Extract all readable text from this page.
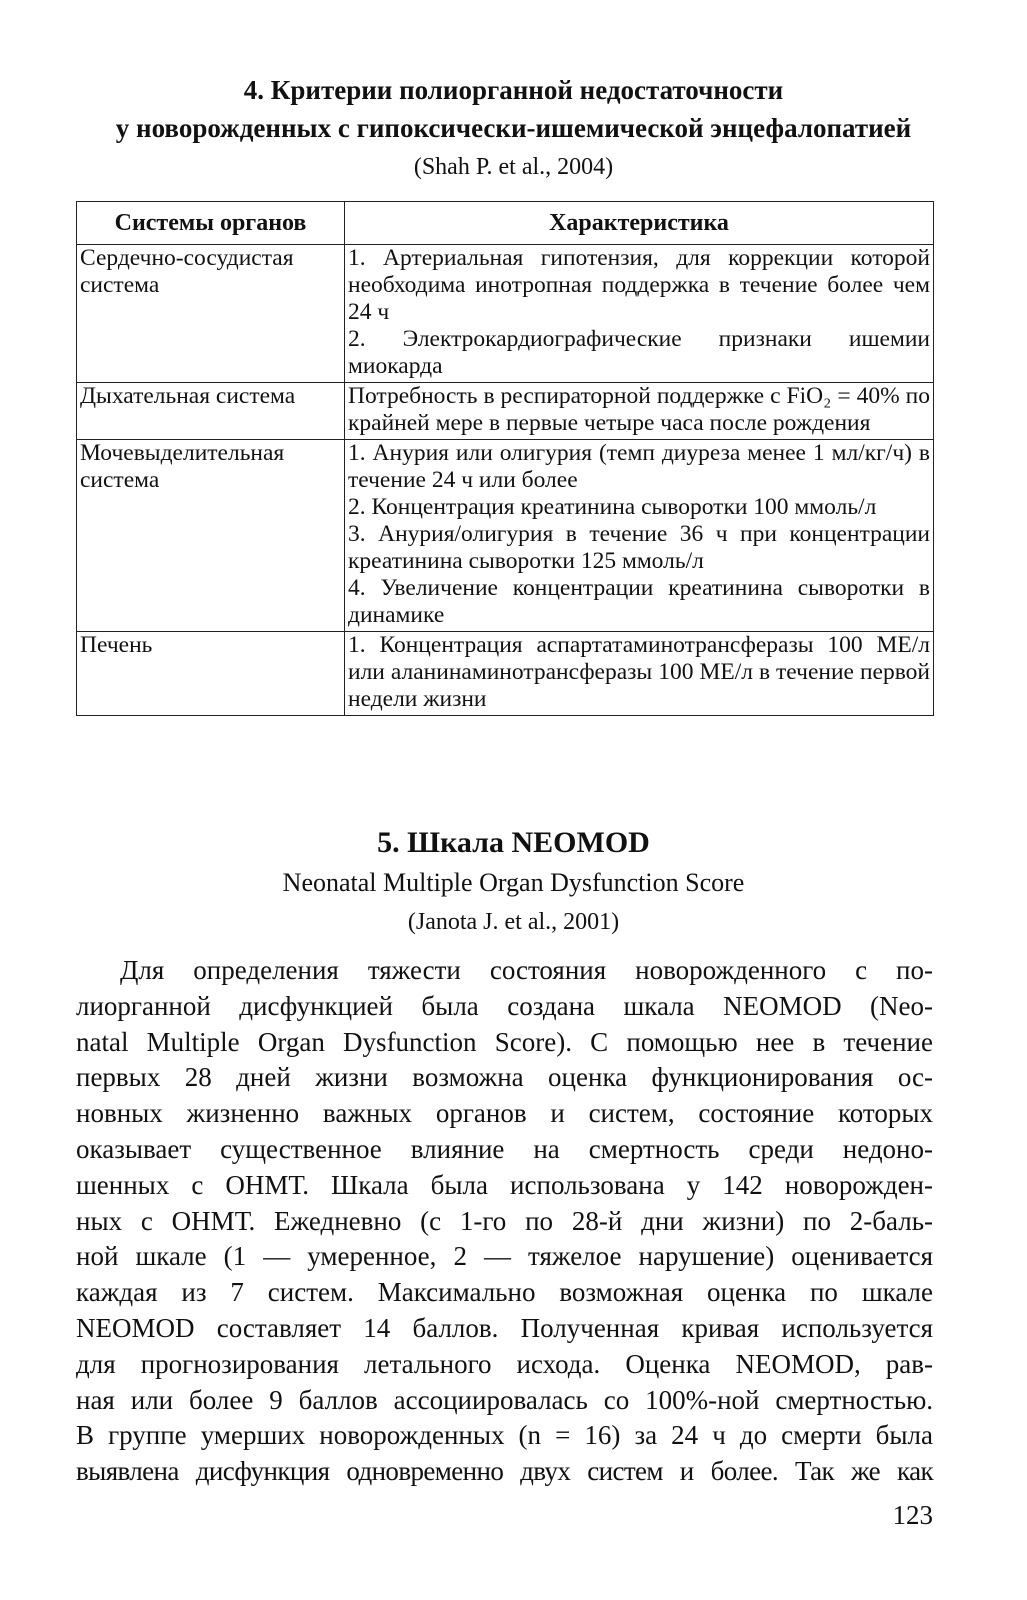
4. Критерии полиорганной недостаточности
у новорожденных с гипоксически-ишемической энцефалопатией
(Shah P. et al., 2004)
Системы органов	Характеристика
Сердечно-сосудистая система	1. Артериальная гипотензия, для коррекции которой необходима инотропная поддержка в течение более чем 24 ч
2. Электрокардиографические признаки ишемии миокарда

Дыхательная система	Потребность в респираторной поддержке с FiO₂ = 40% по крайней мере в первые четыре часа после рождения

Мочевыделительная система	1. Анурия или олигурия (темп диуреза менее 1 мл/кг/ч) в течение 24 ч или более
2. Концентрация креатинина сыворотки 100 ммоль/л
3. Анурия/олигурия в течение 36 ч при концентрации креатинина сыворотки 125 ммоль/л
4. Увеличение концентрации креатинина сыворотки в динамике

Печень	1. Концентрация аспартатаминотрансферазы 100 МЕ/л или аланинаминотрансферазы 100 МЕ/л в течение первой недели жизни
5. Шкала NEOMOD
Neonatal Multiple Organ Dysfunction Score
(Janota J. et al., 2001)
Для определения тяжести состояния новорожденного с по-
лиорганной дисфункцией была создана шкала NEOMOD (Neo-
natal Multiple Organ Dysfunction Score). С помощью нее в течение
первых 28 дней жизни возможна оценка функционирования ос-
новных жизненно важных органов и систем, состояние которых
оказывает существенное влияние на смертность среди недоно-
шенных с ОНМТ. Шкала была использована у 142 новорожден-
ных с ОНМТ. Ежедневно (с 1-го по 28-й дни жизни) по 2-баль-
ной шкале (1 — умеренное, 2 — тяжелое нарушение) оценивается
каждая из 7 систем. Максимально возможная оценка по шкале
NEOMOD составляет 14 баллов. Полученная кривая используется
для прогнозирования летального исхода. Оценка NEOMOD, рав-
ная или более 9 баллов ассоциировалась со 100%-ной смертностью.
В группе умерших новорожденных (n = 16) за 24 ч до смерти была
выявлена дисфункция одновременно двух систем и более. Так же как
123
